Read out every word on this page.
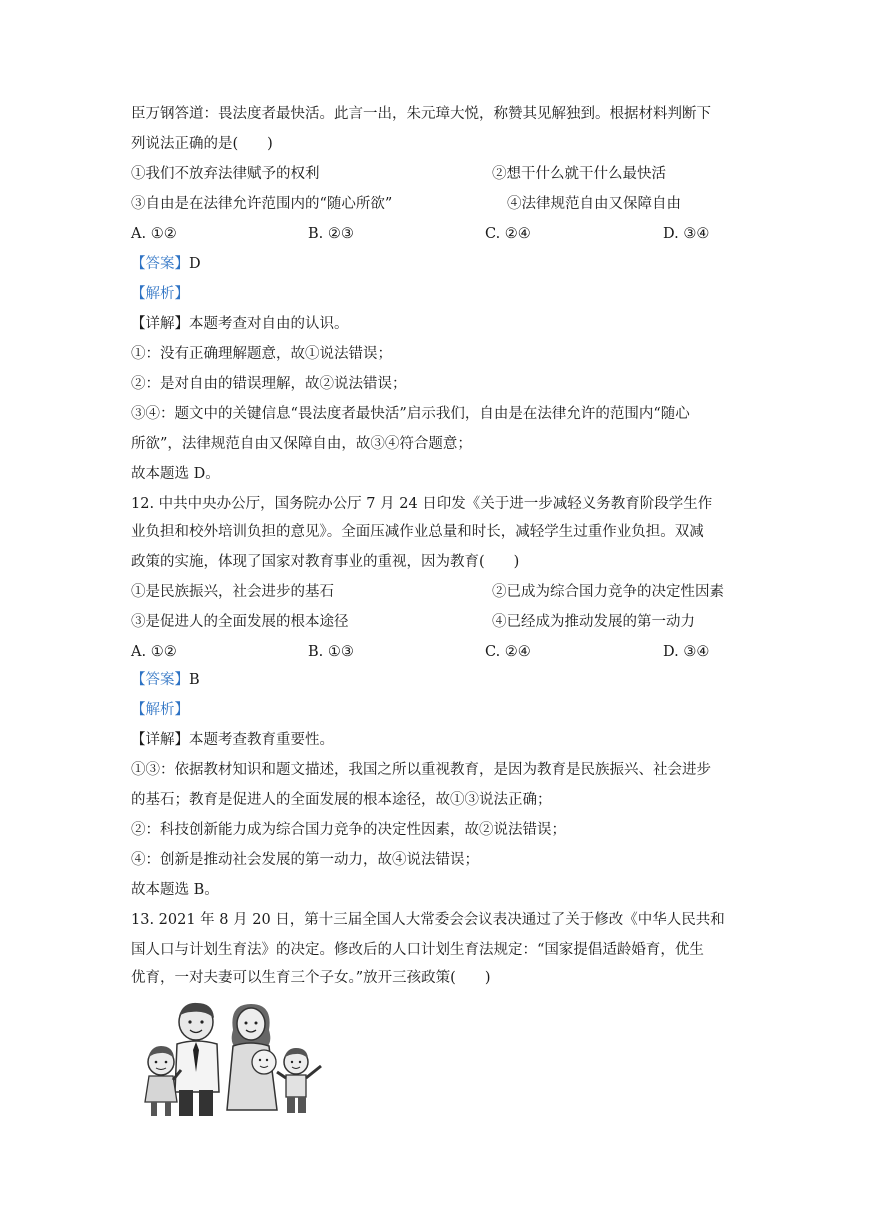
臣万钢答道：畏法度者最快活。此言一出，朱元璋大悦，称赞其见解独到。根据材料判断下
列说法正确的是(　　)
①我们不放弃法律赋予的权利	②想干什么就干什么最快活
③自由是在法律允许范围内的“随心所欲”	④法律规范自由又保障自由
A. ①②	B. ②③	C. ②④	D. ③④
【答案】D
【解析】
【详解】本题考查对自由的认识。
①：没有正确理解题意，故①说法错误；
②：是对自由的错误理解，故②说法错误；
③④：题文中的关键信息“畏法度者最快活”启示我们，自由是在法律允许的范围内“随心
所欲”，法律规范自由又保障自由，故③④符合题意；
故本题选 D。
12. 中共中央办公厅，国务院办公厅 7 月 24 日印发《关于进一步减轻义务教育阶段学生作
业负担和校外培训负担的意见》。全面压减作业总量和时长，减轻学生过重作业负担。双减
政策的实施，体现了国家对教育事业的重视，因为教育(　　)
①是民族振兴，社会进步的基石	②已成为综合国力竞争的决定性因素
③是促进人的全面发展的根本途径	④已经成为推动发展的第一动力
A. ①②	B. ①③	C. ②④	D. ③④
【答案】B
【解析】
【详解】本题考查教育重要性。
①③：依据教材知识和题文描述，我国之所以重视教育，是因为教育是民族振兴、社会进步
的基石；教育是促进人的全面发展的根本途径，故①③说法正确；
②：科技创新能力成为综合国力竞争的决定性因素，故②说法错误；
④：创新是推动社会发展的第一动力，故④说法错误；
故本题选 B。
13. 2021 年 8 月 20 日，第十三届全国人大常委会会议表决通过了关于修改《中华人民共和
国人口与计划生育法》的决定。修改后的人口计划生育法规定：“国家提倡适龄婚育，优生
优育，一对夫妻可以生育三个子女。”放开三孩政策(　　)
